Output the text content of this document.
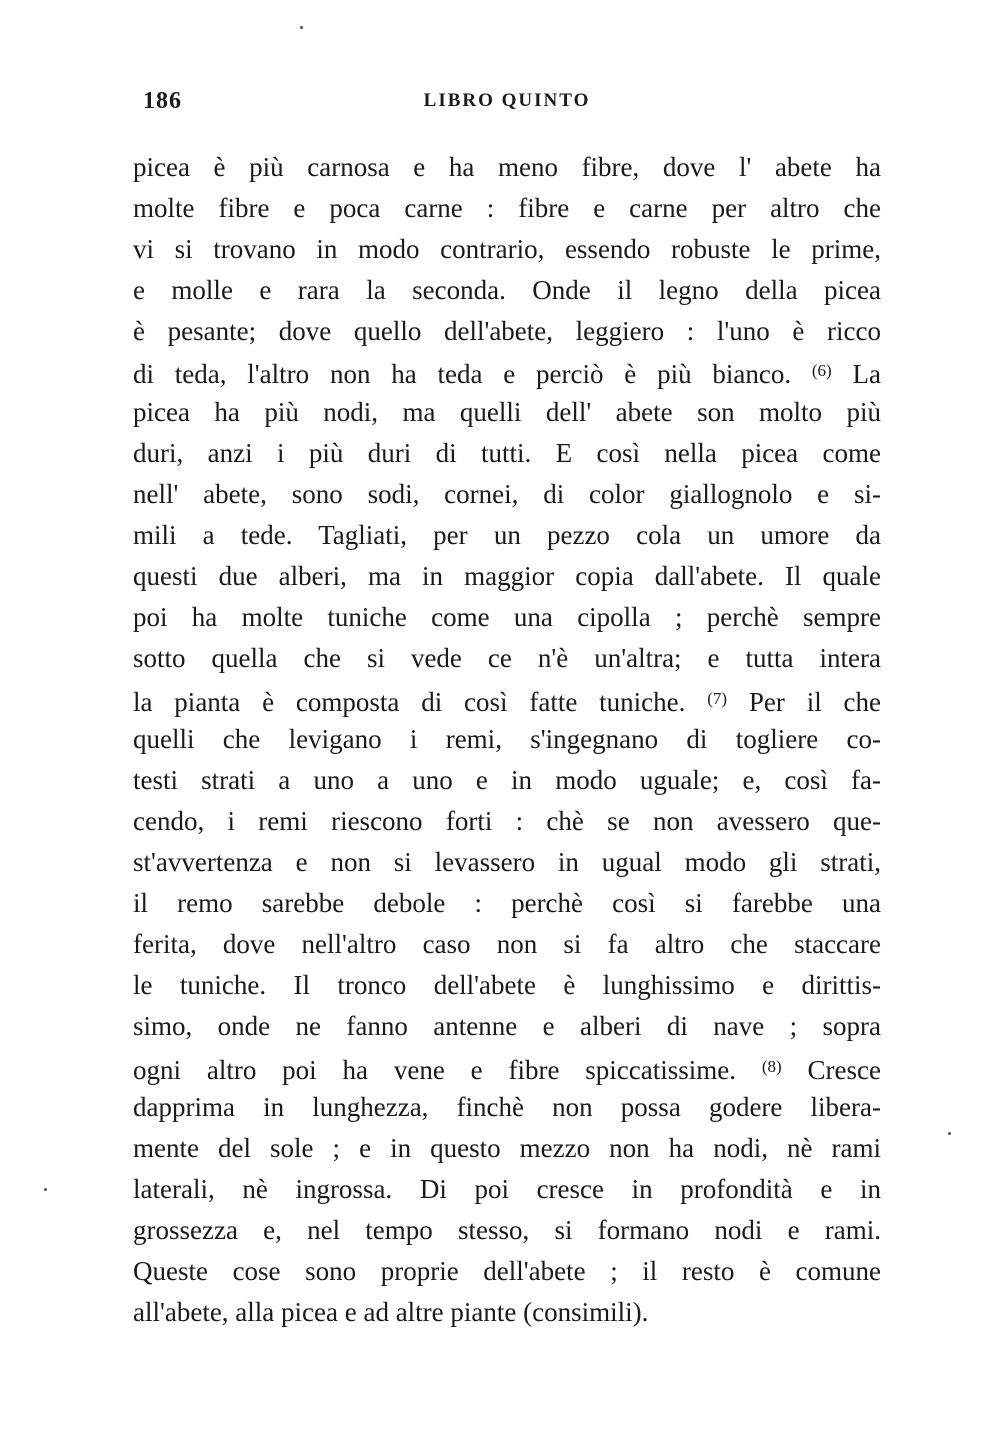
186	LIBRO QUINTO
picea è più carnosa e ha meno fibre, dove l' abete ha
molte fibre e poca carne : fibre e carne per altro che
vi si trovano in modo contrario, essendo robuste le prime,
e molle e rara la seconda. Onde il legno della picea
è pesante; dove quello dell'abete, leggiero : l'uno è ricco
di teda, l'altro non ha teda e perciò è più bianco. $^{(6)}$ La
picea ha più nodi, ma quelli dell' abete son molto più
duri, anzi i più duri di tutti. E così nella picea come
nell' abete, sono sodi, cornei, di color giallognolo e si-
mili a tede. Tagliati, per un pezzo cola un umore da
questi due alberi, ma in maggior copia dall'abete. Il quale
poi ha molte tuniche come una cipolla ; perchè sempre
sotto quella che si vede ce n'è un'altra; e tutta intera
la pianta è composta di così fatte tuniche. $^{(7)}$ Per il che
quelli che levigano i remi, s'ingegnano di togliere co-
testi strati a uno a uno e in modo uguale; e, così fa-
cendo, i remi riescono forti : chè se non avessero que-
st'avvertenza e non si levassero in ugual modo gli strati,
il remo sarebbe debole : perchè così si farebbe una
ferita, dove nell'altro caso non si fa altro che staccare
le tuniche. Il tronco dell'abete è lunghissimo e dirittis-
simo, onde ne fanno antenne e alberi di nave ; sopra
ogni altro poi ha vene e fibre spiccatissime. $^{(8)}$ Cresce
dapprima in lunghezza, finchè non possa godere libera-
mente del sole ; e in questo mezzo non ha nodi, nè rami
laterali, nè ingrossa. Di poi cresce in profondità e in
grossezza e, nel tempo stesso, si formano nodi e rami.
Queste cose sono proprie dell'abete ; il resto è comune
all'abete, alla picea e ad altre piante (consimili).
